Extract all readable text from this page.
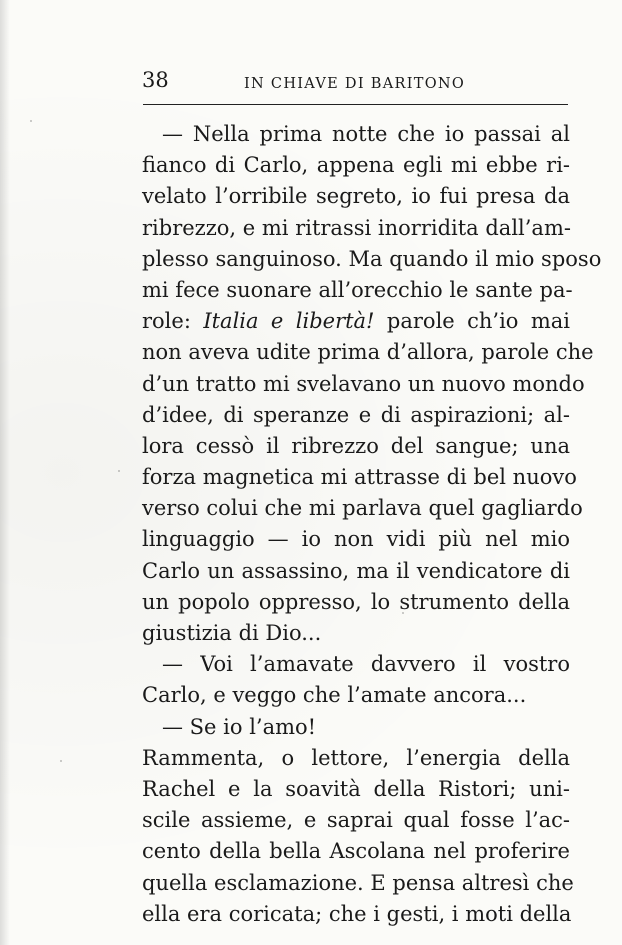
38	IN CHIAVE DI BARITONO
— Nella prima notte che io passai al
fianco di Carlo, appena egli mi ebbe ri-
velato l’orribile segreto, io fui presa da
ribrezzo, e mi ritrassi inorridita dall’am-
plesso sanguinoso. Ma quando il mio sposo
mi fece suonare all’orecchio le sante pa-
role: Italia e libertà! parole ch’io mai
non aveva udite prima d’allora, parole che
d’un tratto mi svelavano un nuovo mondo
d’idee, di speranze e di aspirazioni; al-
lora cessò il ribrezzo del sangue; una
forza magnetica mi attrasse di bel nuovo
verso colui che mi parlava quel gagliardo
linguaggio — io non vidi più nel mio
Carlo un assassino, ma il vendicatore di
un popolo oppresso, lo strumento della
giustizia di Dio...
— Voi l’amavate davvero il vostro
Carlo, e veggo che l’amate ancora...
— Se io l’amo!
Rammenta, o lettore, l’energia della
Rachel e la soavità della Ristori; uni-
scile assieme, e saprai qual fosse l’ac-
cento della bella Ascolana nel proferire
quella esclamazione. E pensa altresì che
ella era coricata; che i gesti, i moti della
